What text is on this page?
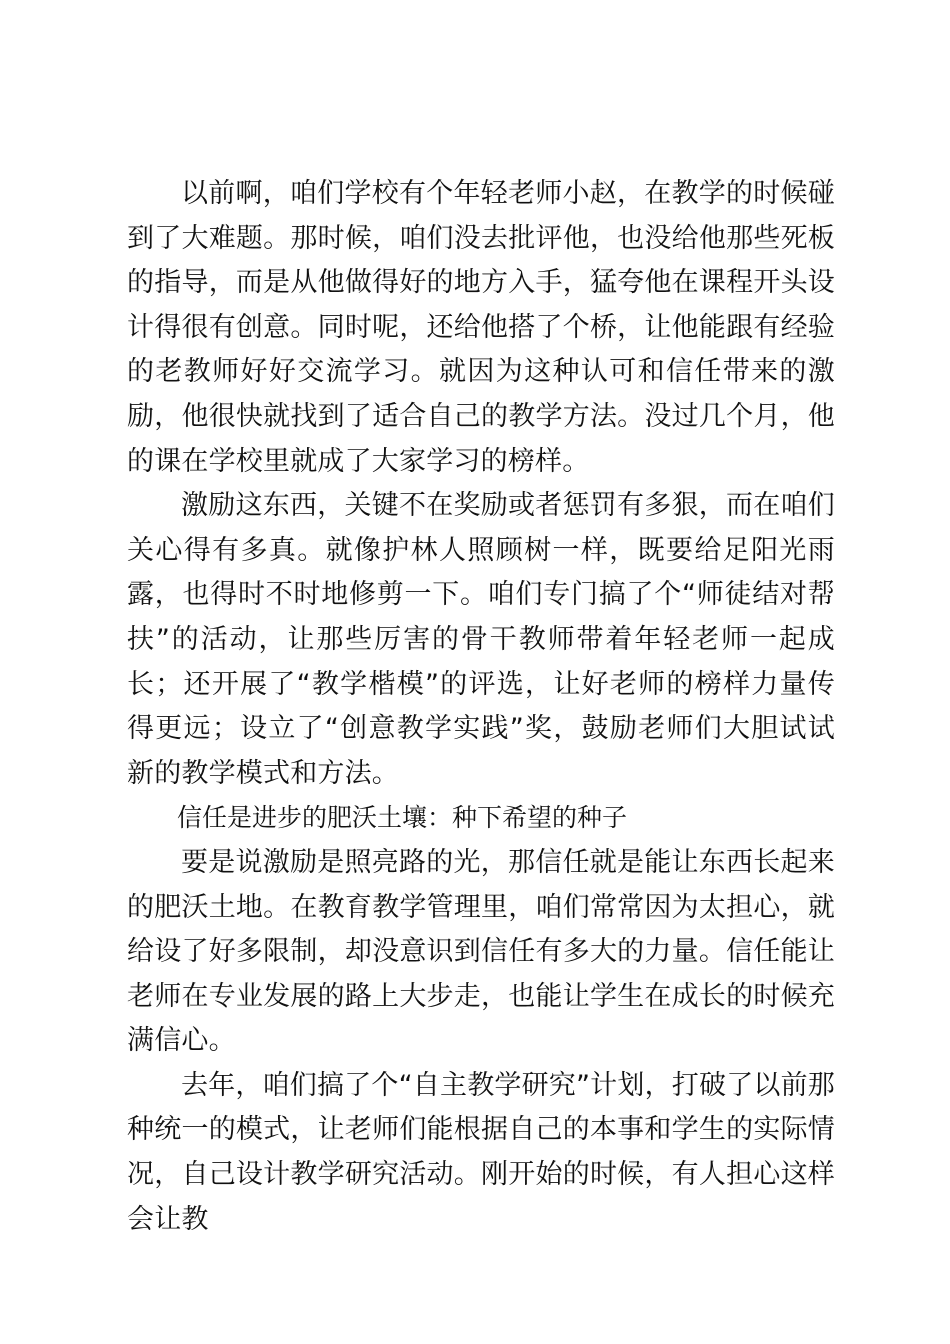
以前啊，咱们学校有个年轻老师小赵，在教学的时候碰到了大难题。那时候，咱们没去批评他，也没给他那些死板的指导，而是从他做得好的地方入手，猛夸他在课程开头设计得很有创意。同时呢，还给他搭了个桥，让他能跟有经验的老教师好好交流学习。就因为这种认可和信任带来的激励，他很快就找到了适合自己的教学方法。没过几个月，他的课在学校里就成了大家学习的榜样。

激励这东西，关键不在奖励或者惩罚有多狠，而在咱们关心得有多真。就像护林人照顾树一样，既要给足阳光雨露，也得时不时地修剪一下。咱们专门搞了个“师徒结对帮扶”的活动，让那些厉害的骨干教师带着年轻老师一起成长；还开展了“教学楷模”的评选，让好老师的榜样力量传得更远；设立了“创意教学实践”奖，鼓励老师们大胆试试新的教学模式和方法。

信任是进步的肥沃土壤：种下希望的种子

要是说激励是照亮路的光，那信任就是能让东西长起来的肥沃土地。在教育教学管理里，咱们常常因为太担心，就给设了好多限制，却没意识到信任有多大的力量。信任能让老师在专业发展的路上大步走，也能让学生在成长的时候充满信心。

去年，咱们搞了个“自主教学研究”计划，打破了以前那种统一的模式，让老师们能根据自己的本事和学生的实际情况，自己设计教学研究活动。刚开始的时候，有人担心这样会让教
